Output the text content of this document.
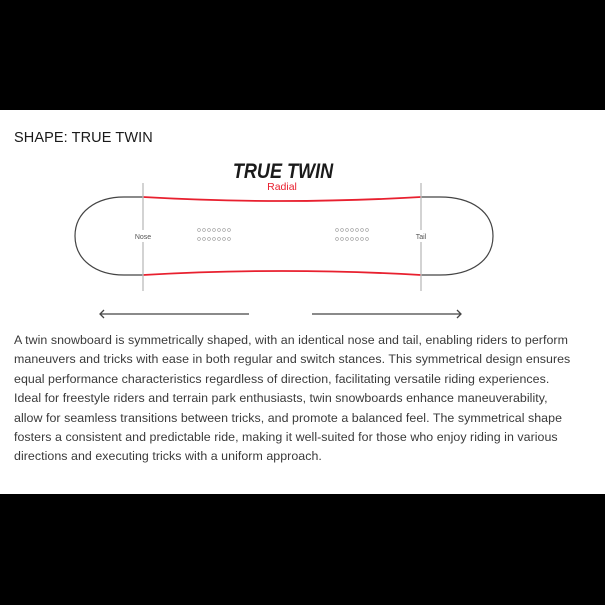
SHAPE: TRUE TWIN
TRUE TWIN
Radial
Nose	Tail
A twin snowboard is symmetrically shaped, with an identical nose and tail, enabling riders to perform
maneuvers and tricks with ease in both regular and switch stances. This symmetrical design ensures
equal performance characteristics regardless of direction, facilitating versatile riding experiences.
Ideal for freestyle riders and terrain park enthusiasts, twin snowboards enhance maneuverability,
allow for seamless transitions between tricks, and promote a balanced feel. The symmetrical shape
fosters a consistent and predictable ride, making it well-suited for those who enjoy riding in various
directions and executing tricks with a uniform approach.
